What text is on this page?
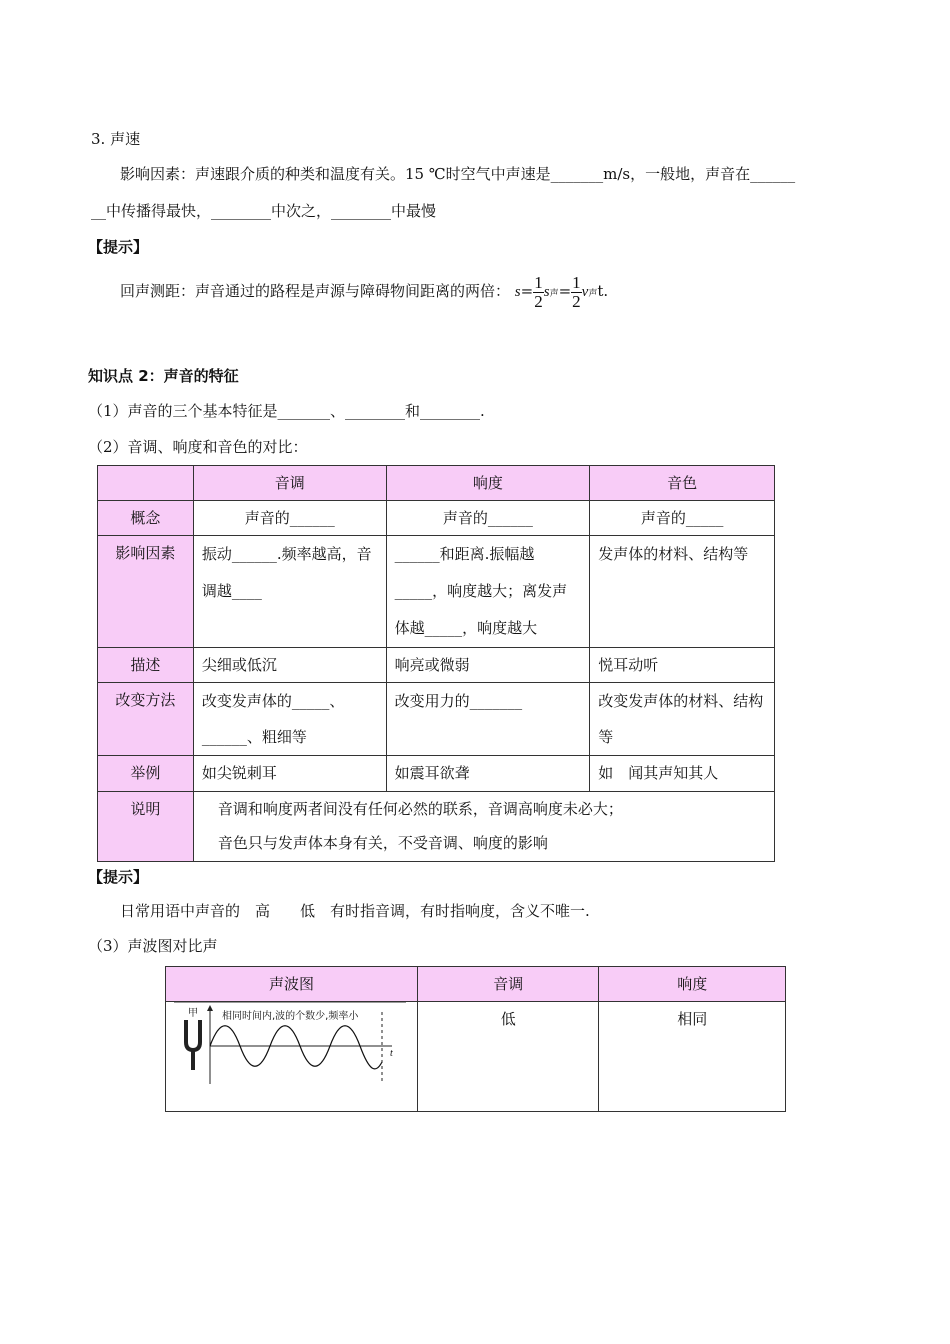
3. 声速
影响因素：声速跟介质的种类和温度有关。15 ℃时空气中声速是_______m/s，一般地，声音在______
__中传播得最快，________中次之，________中最慢
【提示】
回声测距：声音通过的路程是声源与障碍物间距离的两倍： $s= \frac{1}{2}$ s声= $\frac{1}{2}$ v声t.
知识点 2：声音的特征
（1）声音的三个基本特征是_______、________和________.
（2）音调、响度和音色的对比：
	音调	响度	音色
概念	声音的______	声音的______	声音的_____
影响因素	振动______.频率越高，音调越____	______和距离.振幅越_____，响度越大；离发声体越_____，响度越大	发声体的材料、结构等

描述	尖细或低沉	响亮或微弱	悦耳动听

改变方法	改变发声体的_____、______、粗细等	改变用力的_______	改变发声体的材料、结构等

举例	如尖锐刺耳	如震耳欲聋	如　闻其声知其人

说明	音调和响度两者间没有任何必然的联系，音调高响度未必大；
音色只与发声体本身有关，不受音调、响度的影响		
【提示】
日常用语中声音的　高　　低　有时指音调，有时指响度，含义不唯一.
（3）声波图对比声
声波图	音调	响度

甲 相同时间内,波的个数少,频率小
t	低	相同
